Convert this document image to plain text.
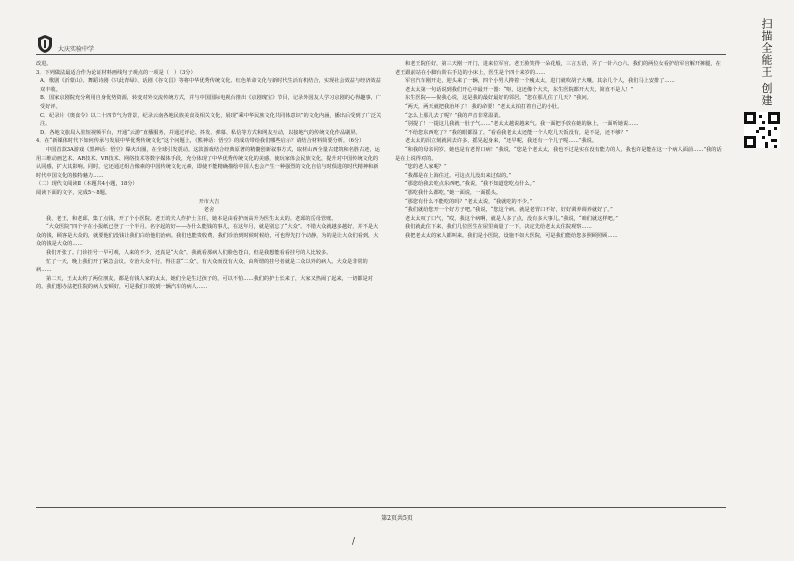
大庆实验中学

改进。

3．下列做法最适合作为论证材料画线句子观点的一项是（　）（3分）

A．歌剧《沂蒙山》、舞蹈诗剧《只此青绿》、话剧《谷文昌》等将中华优秀传统文化、红色革命文化与新时代生活有机结合，实现社会效益与经济效益双丰收。

B．国家京剧院充分利用自身优势资源，转变对外交流传统方式，并与中国国际电视台推出《京剧瑰宝》节目，记录外国友人学习京剧的心得趣事，广受好评。

C．纪录片《奥食令》以二十四节气为背景，纪录云南各地民族美食及相关文化，展现“乘中华民族文化共同体意识”的文化内涵，播出后受到了广泛关注。

D．各地文旅局入驻短视频平台，开通“云游”直播服务，并通过评论、抖发、弹幕、私信等方式和网友互动，以接地气的传统文化作品刷屏。

4．在“新媒体时代下如何传承与发展中华优秀传统文化”这个问题上，《熊神话：悟空》的成功带给我们哪些启示？请结合材料简要分析。（6分）

中国首款3A游戏《黑神话：悟空》爆火出圈，在全球引发震动。这款游戏结合经典原著的精髓创新叙事方式，取材山西全量古建筑和名胜古迹，运用三维动画艺术、AR技术、VR技术、网络技术等数字媒体手段，充分体现了中华优秀传统文化的美感，使玩家体会民族文化，提升对中国传统文化的认同感，扩大其影响。同时，它还通过组合像素的中国传统文化元素，即使不能精确描绘中国人也会产生一种强烈的文化自信与时俱进的时代精神和新时代中国文化的独特魅力……

（二）现代文阅读Ⅱ（本题共4小题，18分）

阅读下面的文字，完成5～8题。

开市大吉

老舍

我，老王，和老邱，集了点钱，开了个小医院。老王的夫人作护士主任，她本是由看护而高升为医生太太的。老邱的岳母管账。

“大众医院”四个字在小报纸已登了一个半月。名字起的好——办什么能钱的事儿，在这年月，就是别忘了“大众”。不错大众就越多越好，并不是大众的钱，顾客是大众的，就要他们没钱让我们白给他们治病。我们也能贵收费，我们诊治到时候时候给，可也得先打个动静，为的是让大众们看到，大众的钱是大众的……

我们开张了。门诊挂号一早可观，人来的不少，还真是“大众”，我就看那病人们脸色苍白，但是我想能看看挂号的人比较多。

忙了一天，晚上我们开了紧急会议。专治大众不行，得注意“二众”。有大众而没有大众，由所谓的挂号者就是二众以外的病人。大众是非常的病……

第二天，王太太约了两位朋友，都是有钱人家的太太，她们全是生过孩子的，可以不怕……我们的护士长来了，大家又热闹了起来，一切都是对的。我们想办法把住院的病人安顿好，可是我们只收到一辆汽车的病人……

和老王院任好，第三天刚一开门，进来位军官。老王脸笑得一朵花般，三言五语，弄了一针六○六。我们的两位女看护给军官解开裤腿，在老王跟前站在小脚台阶右手边的小床上，医生是个四十来岁的……

军官汽车刚开走，迎头来了一辆，四个小男人搀着一个瘦太太，进门就吹胡子大嚷。其余几个人，我们马上安排了……

老太太第一句话说到我们开心中最开一器：“呕，这还像个大夫，东生医院都开大夫，简直不是人！”

东生医院——倪我心说，这是我的最好最好的邻居。“您在那儿住了几天？”我问。

“两天，两天就把我治坏了！ 我的命要！”老太太拍打着自己的小肚。

“怎么上那儿去了呢？”我的声音非常温柔。

“别提了！一提这儿我就一肚子气……”老太太越说越来气。我一面把手放在她的脉上，一面听她说……

“不给您东西吃了？”我的眼都湿了。“看看我老太太还能一个人吃几天饭没有，是不是，还不够？”

老太太的泪立刻就回去许多，摇晃起身来，“还早呢，我还有一个儿子呢……”我说。

“和我的母亲同岁，她也是有老胃口病！”我说，“您是个老太太，我也不过是实在没有能力的人，我也许是能在这一个病人面前……”我的话是在上说得对的。

“您的老人家呢？”

“我都是在上海住过。可这点儿没出来过似的。”

“那您给我去吃点东西吧。”我说，“我不知道您吃点什么。”

“那吃我什么都吃，”她一面说，一面摇头。

“那您有什么不能吃的吗？”老太太说，“我就吃的不少。”

“我们就给您开一个好方子吧。”我说，“您这个病，就是老胃口不好，好好调养调养就好了。”

老太太叹了口气，“哎，我这个病啊，就是人多了点，没有多大事儿。”我说，“咱们就这样吧。”

我们就此住下来，我们几位医生在屋里商量了一下，决定先给老太太住院观察……

我把老太太的家人都叫来。我们是小医院，设施不如大医院，可是我们能给您多照顾照顾……

第2页共5页
/
扫描全能王 创建
